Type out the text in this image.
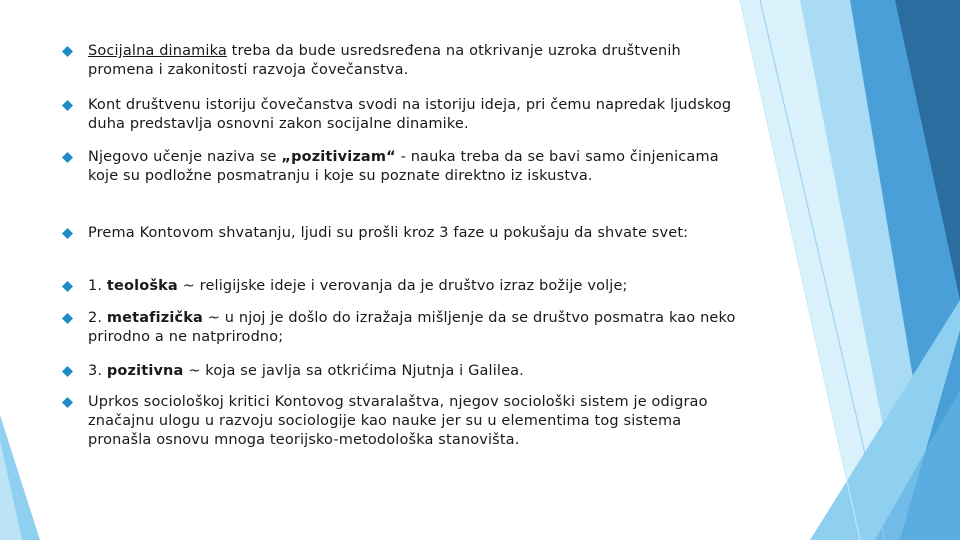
Socijalna dinamika treba da bude usredsređena na otkrivanje uzroka društvenih promena i zakonitosti razvoja čovečanstva.
Kont društvenu istoriju čovečanstva svodi na istoriju ideja, pri čemu napredak ljudskog duha predstavlja osnovni zakon socijalne dinamike.
Njegovo učenje naziva se „pozitivizam“ - nauka treba da se bavi samo činjenicama koje su podložne posmatranju i koje su poznate direktno iz iskustva.
Prema Kontovom shvatanju, ljudi su prošli kroz 3 faze u pokušaju da shvate svet:
1. teološka ~ religijske ideje i verovanja da je društvo izraz božije volje;
2. metafizička ~ u njoj je došlo do izražaja mišljenje da se društvo posmatra kao neko prirodno a ne natprirodno;
3. pozitivna ~ koja se javlja sa otkrićima Njutnja i Galilea.
Uprkos sociološkoj kritici Kontovog stvaralaštva, njegov sociološki sistem je odigrao značajnu ulogu u razvoju sociologije kao nauke jer su u elementima tog sistema pronašla osnovu mnoga teorijsko-metodološka stanovišta.
